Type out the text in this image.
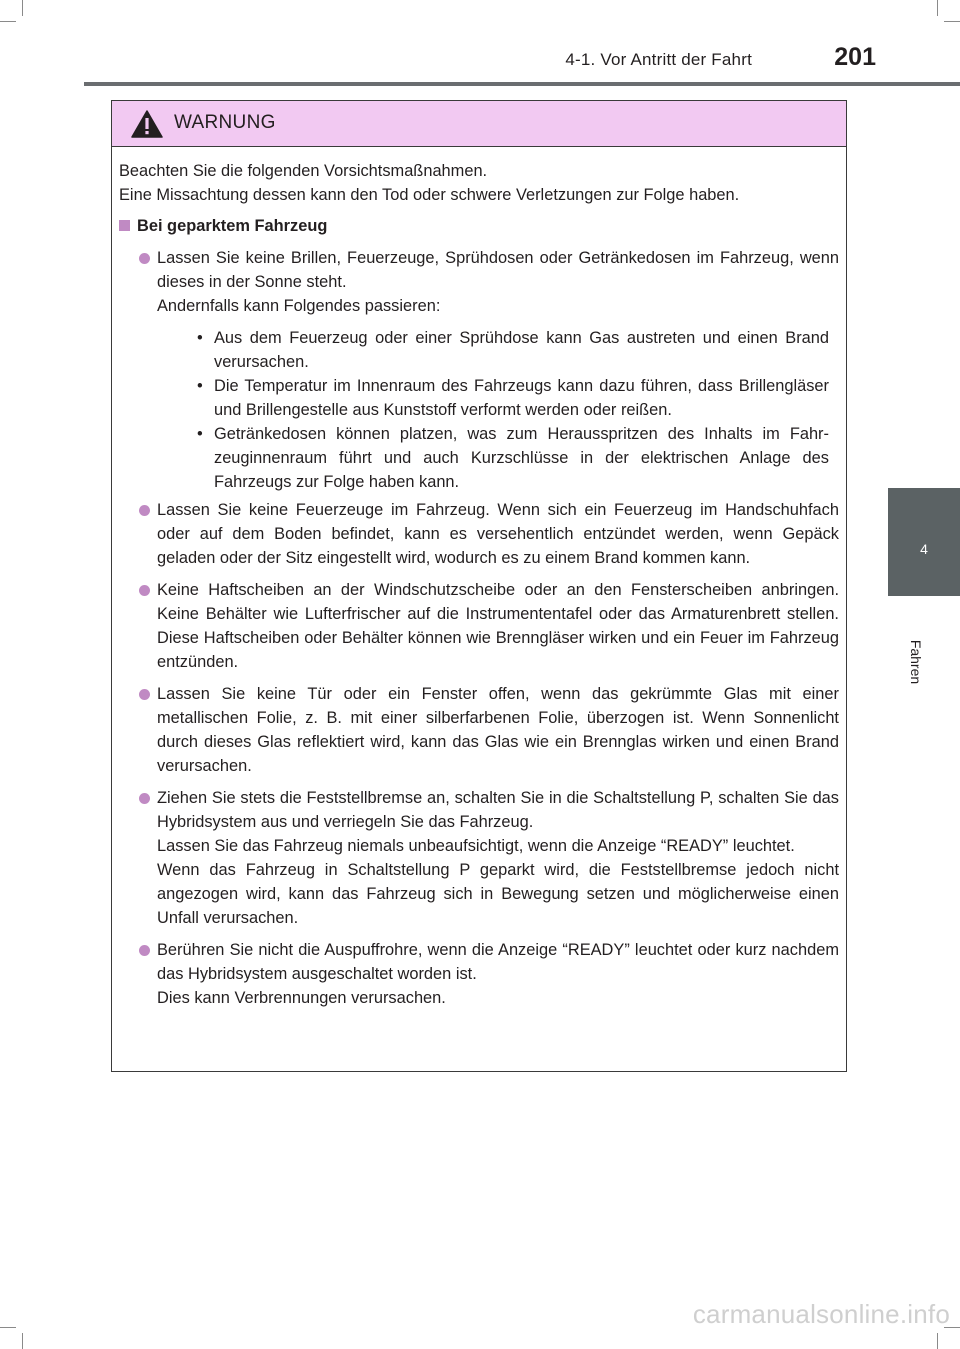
4-1. Vor Antritt der Fahrt	201
4
Fahren
WARNUNG

Beachten Sie die folgenden Vorsichtsmaßnahmen.

Eine Missachtung dessen kann den Tod oder schwere Verletzungen zur Folge haben.

Bei geparktem Fahrzeug

Lassen Sie keine Brillen, Feuerzeuge, Sprühdosen oder Getränkedosen im Fahrzeug, wenn dieses in der Sonne steht.

Andernfalls kann Folgendes passieren:

• Aus dem Feuerzeug oder einer Sprühdose kann Gas austreten und einen Brand verursachen.
• Die Temperatur im Innenraum des Fahrzeugs kann dazu führen, dass Brillengläser und Brillengestelle aus Kunststoff verformt werden oder reißen.
• Getränkedosen können platzen, was zum Herausspritzen des Inhalts im Fahrzeuginnenraum führt und auch Kurzschlüsse in der elektrischen Anlage des Fahrzeugs zur Folge haben kann.

Lassen Sie keine Feuerzeuge im Fahrzeug. Wenn sich ein Feuerzeug im Handschuhfach oder auf dem Boden befindet, kann es versehentlich entzündet werden, wenn Gepäck geladen oder der Sitz eingestellt wird, wodurch es zu einem Brand kommen kann.

Keine Haftscheiben an der Windschutzscheibe oder an den Fensterscheiben anbringen. Keine Behälter wie Lufterfrischer auf die Instrumententafel oder das Armaturenbrett stellen. Diese Haftscheiben oder Behälter können wie Brenngläser wirken und ein Feuer im Fahrzeug entzünden.

Lassen Sie keine Tür oder ein Fenster offen, wenn das gekrümmte Glas mit einer metallischen Folie, z. B. mit einer silberfarbenen Folie, überzogen ist. Wenn Sonnenlicht durch dieses Glas reflektiert wird, kann das Glas wie ein Brennglas wirken und einen Brand verursachen.

Ziehen Sie stets die Feststellbremse an, schalten Sie in die Schaltstellung P, schalten Sie das Hybridsystem aus und verriegeln Sie das Fahrzeug.

Lassen Sie das Fahrzeug niemals unbeaufsichtigt, wenn die Anzeige “READY” leuchtet.

Wenn das Fahrzeug in Schaltstellung P geparkt wird, die Feststellbremse jedoch nicht angezogen wird, kann das Fahrzeug sich in Bewegung setzen und möglicherweise einen Unfall verursachen.

Berühren Sie nicht die Auspuffrohre, wenn die Anzeige “READY” leuchtet oder kurz nachdem das Hybridsystem ausgeschaltet worden ist.

Dies kann Verbrennungen verursachen.

carmanualsonline.info
